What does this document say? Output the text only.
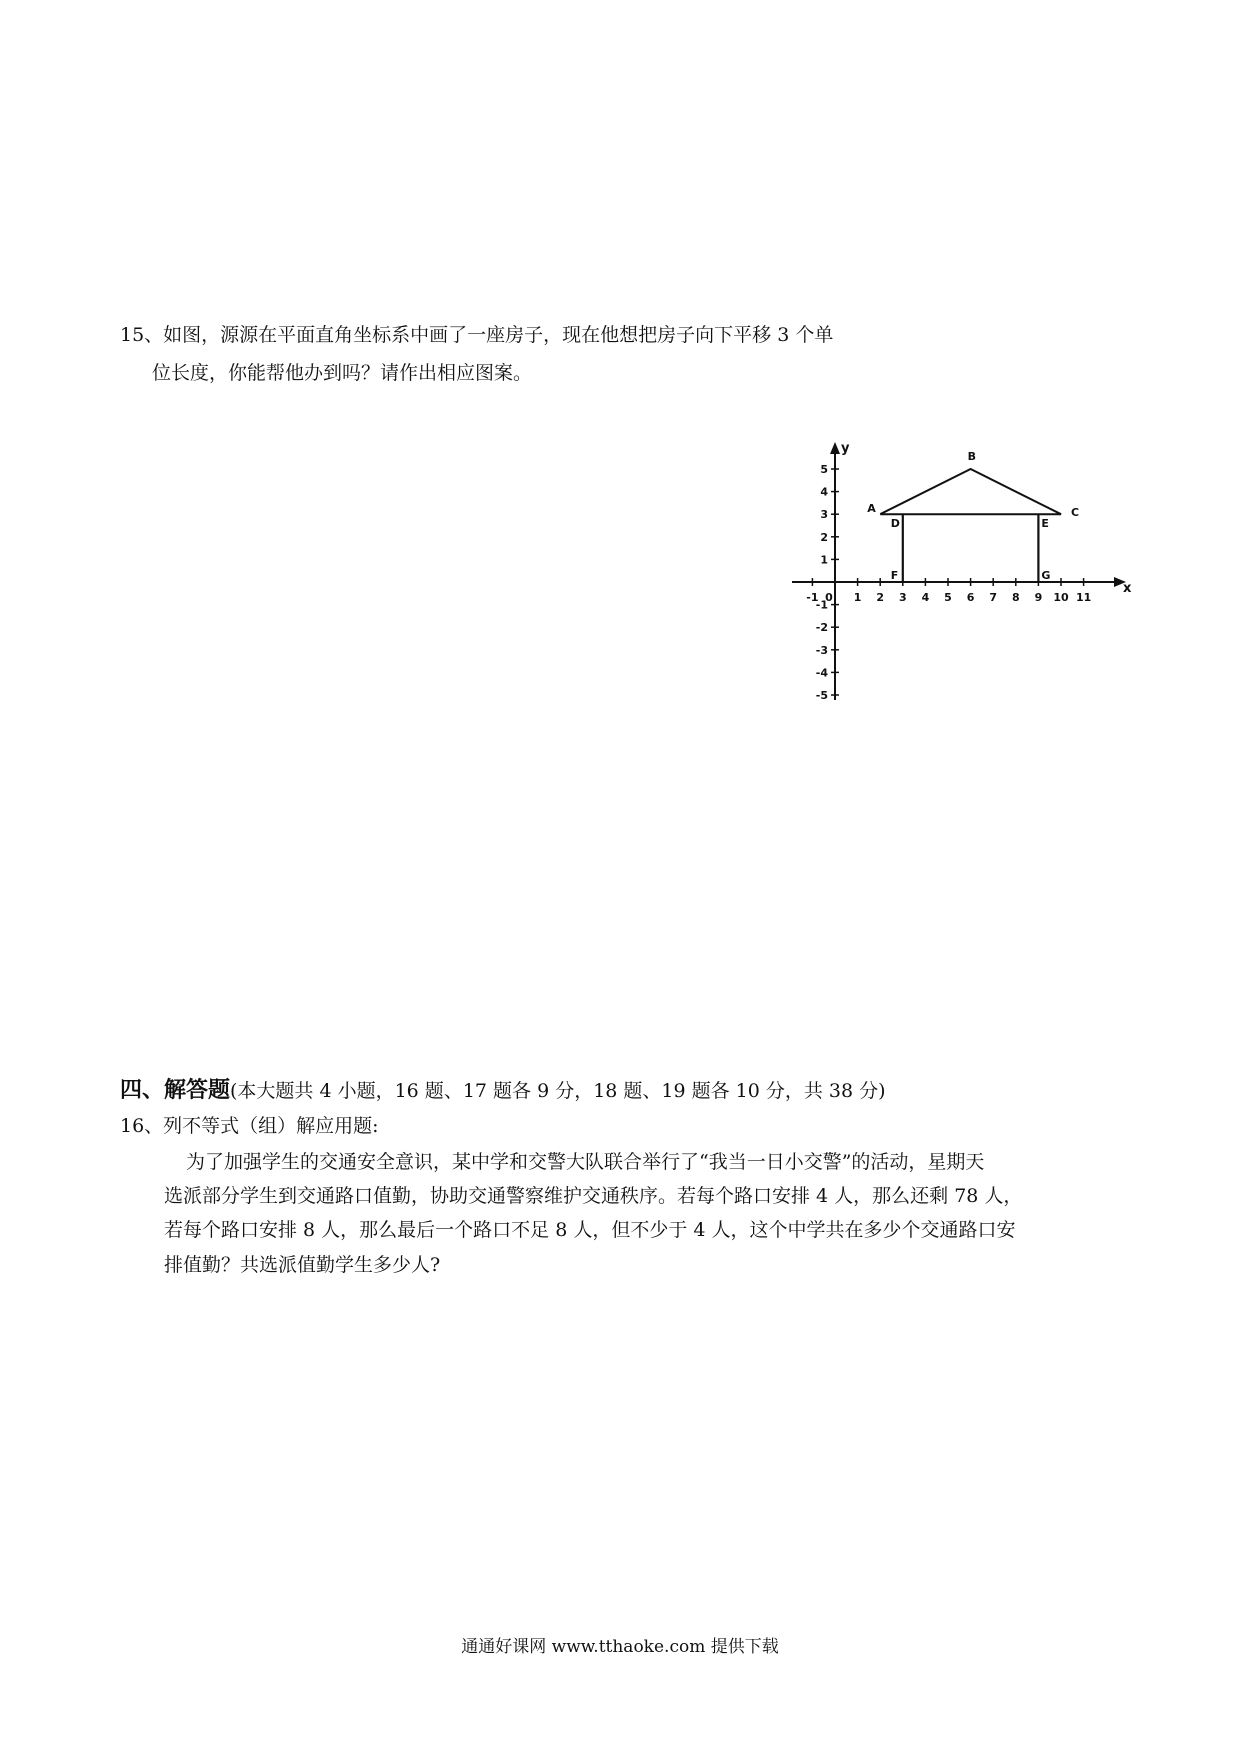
15、如图，源源在平面直角坐标系中画了一座房子，现在他想把房子向下平移 3 个单
位长度，你能帮他办到吗？请作出相应图案。
x
y
-1 0 1 2 3 4 5 6 7 8 9 10 11
5
4
3
2
1
-1
-2
-3
-4
-5
A
B
C
D	E
F	G
四、解答题(本大题共 4 小题，16 题、17 题各 9 分，18 题、19 题各 10 分，共 38 分)
16、列不等式（组）解应用题:
为了加强学生的交通安全意识，某中学和交警大队联合举行了“我当一日小交警”的活动，星期天
选派部分学生到交通路口值勤，协助交通警察维护交通秩序。若每个路口安排 4 人，那么还剩 78 人，
若每个路口安排 8 人，那么最后一个路口不足 8 人，但不少于 4 人，这个中学共在多少个交通路口安
排值勤？共选派值勤学生多少人?
通通好课网 www.tthaoke.com 提供下载
